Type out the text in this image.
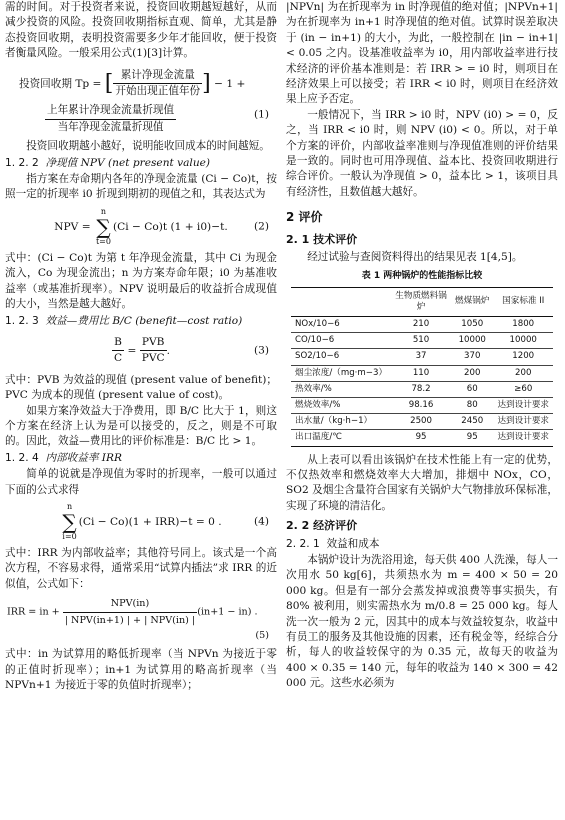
需的时间。对于投资者来说，投资回收期越短越好，从而减少投资的风险。投资回收期指标直观、简单，尤其是静态投资回收期，表明投资需要多少年才能回收，便于投资者衡量风险。一般采用公式(1)[3]计算。

投资回收期 Tp = [ $\frac{\text{累计净现金流量}}{\text{开始出现正值年份}}$ ] − 1 +
$\frac{\text{上年累计净现金流量折现值}}{\text{当年净现金流量折现值}}$	(1)

投资回收期越小越好，说明能收回成本的时间越短。

1. 2. 2 净现值 NPV (net present value)

指方案在寿命期内各年的净现金流量 (Ci − Co)t，按照一定的折现率 i0 折现到期初的现值之和，其表达式为

NPV = n
∑
t=0(Ci − Co)t (1 + i0)−t.	(2)

式中：(Ci − Co)t 为第 t 年净现金流量，其中 Ci 为现金流入，Co 为现金流出；n 为方案寿命年限；i0 为基准收益率（或基准折现率）。NPV 说明最后的收益折合成现值的大小，当然是越大越好。

1. 2. 3 效益—费用比 B/C (benefit—cost ratio)

$\frac{B}{C} = \frac{\text{PVB}}{\text{PVC}}$ .	(3)

式中：PVB 为效益的现值 (present value of benefit)；PVC 为成本的现值 (present value of cost)。

如果方案净效益大于净费用，即 B/C 比大于 1，则这个方案在经济上认为是可以接受的，反之，则是不可取的。因此，效益—费用比的评价标准是：B/C 比 > 1。

1. 2. 4 内部收益率 IRR

简单的说就是净现值为零时的折现率，一般可以通过下面的公式求得

n
∑
i=0(Ci − Co)(1 + IRR)−t = 0 .	(4)

式中：IRR 为内部收益率；其他符号同上。该式是一个高次方程，不容易求得，通常采用“试算内插法”求 IRR 的近似值，公式如下：

IRR = in + $\frac{\text{NPV(in)}}{\text{| NPV(in+1) | + | NPV(in) |}} (in+1 - in)$ .
(5)

式中：in 为试算用的略低折现率（当 NPVn 为接近于零的正值时折现率）；in+1 为试算用的略高折现率（当 NPVn+1 为接近于零的负值时折现率）；

|NPVn| 为在折现率为 in 时净现值的绝对值；|NPVn+1| 为在折现率为 in+1 时净现值的绝对值。试算时误差取决于 (in − in+1) 的大小，为此，一般控制在 |in − in+1| < 0.05 之内。设基准收益率为 i0，用内部收益率进行技术经济的评价基本准则是：若 IRR > = i0 时，则项目在经济效果上可以接受；若 IRR < i0 时，则项目在经济效果上应予否定。

一般情况下，当 IRR > i0 时，NPV (i0) > = 0，反之，当 IRR < i0 时，则 NPV (i0) < 0。所以，对于单个方案的评价，内部收益率准则与净现值准则的评价结果是一致的。同时也可用净现值、益本比、投资回收期进行综合评价。一般认为净现值 > 0，益本比 > 1，该项目具有经济性，且数值越大越好。

2 评价
2. 1 技术评价

经过试验与查阅资料得出的结果见表 1[4,5]。

表 1 两种锅炉的性能指标比较
	生物质燃料锅炉	燃煤锅炉	国家标准 II
NOx/10−6	210	1050	1800
CO/10−6	510	10000	10000
SO2/10−6	37	370	1200
烟尘浓度/（mg·m−3）	110	200	200
热效率/%	78.2	60	≥60
燃烧效率/%	98.16	80	达到设计要求
出水量/（kg·h−1）	2500	2450	达到设计要求
出口温度/℃	95	95	达到设计要求

从上表可以看出该锅炉在技术性能上有一定的优势，不仅热效率和燃烧效率大大增加，排烟中 NOx，CO，SO2 及烟尘含量符合国家有关锅炉大气物排放环保标准，实现了环境的清洁化。

2. 2 经济评价

2. 2. 1 效益和成本

本锅炉设计为洗浴用途，每天供 400 人洗澡，每人一次用水 50 kg[6]，共须热水为 m = 400 × 50 = 20 000 kg。但是有一部分会蒸发掉或浪费等事实损失，有 80% 被利用，则实需热水为 m/0.8 = 25 000 kg。每人洗一次一般为 2 元，因其中的成本与效益较复杂，收益中有员工的服务及其他设施的因素，还有税金等，经综合分析，每人的收益较保守的为 0.35 元，故每天的收益为 400 × 0.35 = 140 元，每年的收益为 140 × 300 = 42 000 元。这些水必须为
